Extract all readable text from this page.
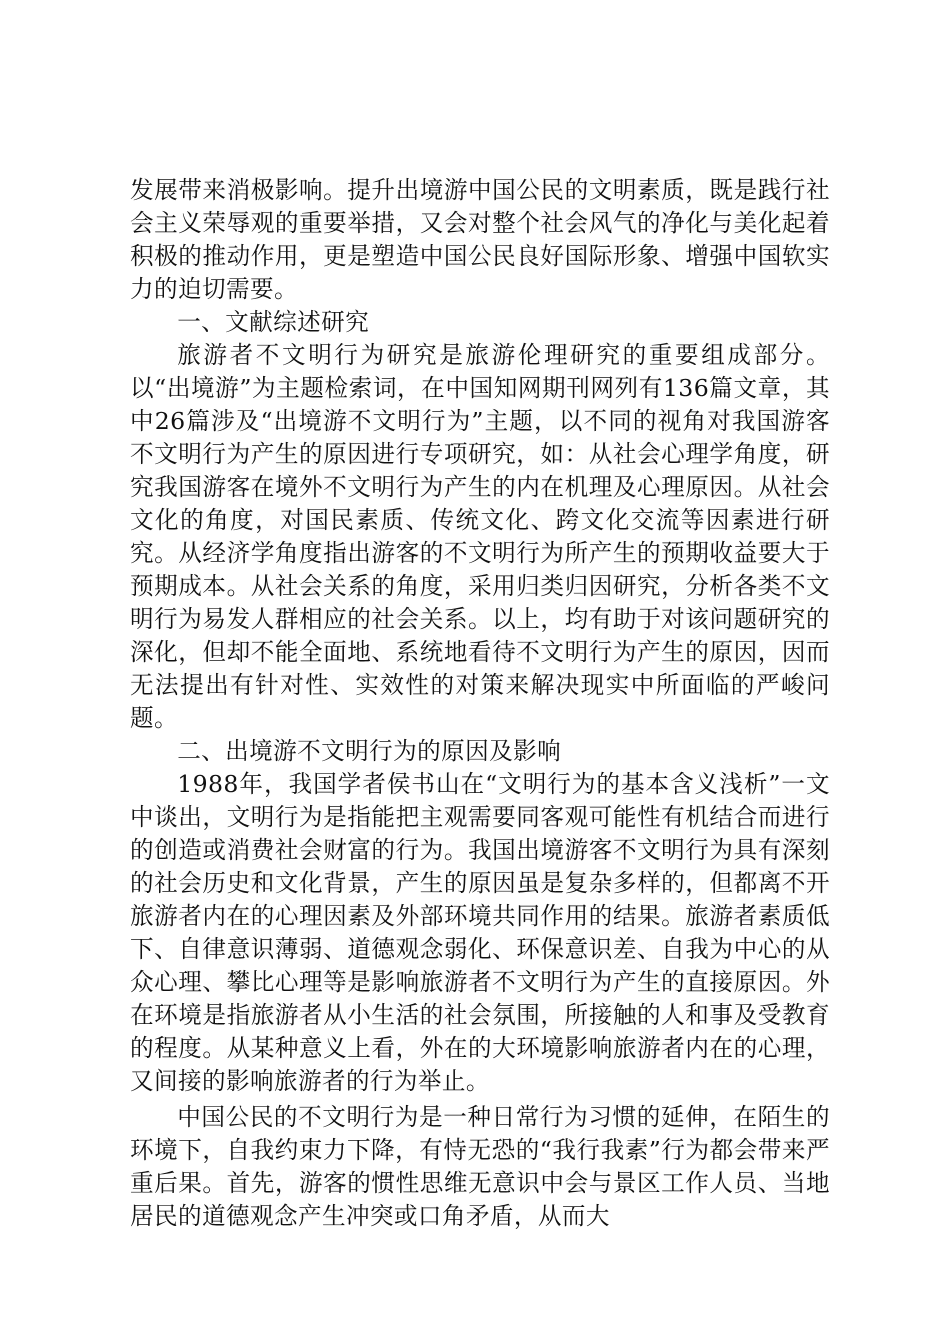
发展带来消极影响。提升出境游中国公民的文明素质，既是践行社会主义荣辱观的重要举措，又会对整个社会风气的净化与美化起着积极的推动作用，更是塑造中国公民良好国际形象、增强中国软实力的迫切需要。

一、文献综述研究

旅游者不文明行为研究是旅游伦理研究的重要组成部分。以“出境游”为主题检索词，在中国知网期刊网列有136篇文章，其中26篇涉及“出境游不文明行为”主题，以不同的视角对我国游客不文明行为产生的原因进行专项研究，如：从社会心理学角度，研究我国游客在境外不文明行为产生的内在机理及心理原因。从社会文化的角度，对国民素质、传统文化、跨文化交流等因素进行研究。从经济学角度指出游客的不文明行为所产生的预期收益要大于预期成本。从社会关系的角度，采用归类归因研究，分析各类不文明行为易发人群相应的社会关系。以上，均有助于对该问题研究的深化，但却不能全面地、系统地看待不文明行为产生的原因，因而无法提出有针对性、实效性的对策来解决现实中所面临的严峻问题。

二、出境游不文明行为的原因及影响

1988年，我国学者侯书山在“文明行为的基本含义浅析”一文中谈出，文明行为是指能把主观需要同客观可能性有机结合而进行的创造或消费社会财富的行为。我国出境游客不文明行为具有深刻的社会历史和文化背景，产生的原因虽是复杂多样的，但都离不开旅游者内在的心理因素及外部环境共同作用的结果。旅游者素质低下、自律意识薄弱、道德观念弱化、环保意识差、自我为中心的从众心理、攀比心理等是影响旅游者不文明行为产生的直接原因。外在环境是指旅游者从小生活的社会氛围，所接触的人和事及受教育的程度。从某种意义上看，外在的大环境影响旅游者内在的心理，又间接的影响旅游者的行为举止。

中国公民的不文明行为是一种日常行为习惯的延伸，在陌生的环境下，自我约束力下降，有恃无恐的“我行我素”行为都会带来严重后果。首先，游客的惯性思维无意识中会与景区工作人员、当地居民的道德观念产生冲突或口角矛盾，从而大
